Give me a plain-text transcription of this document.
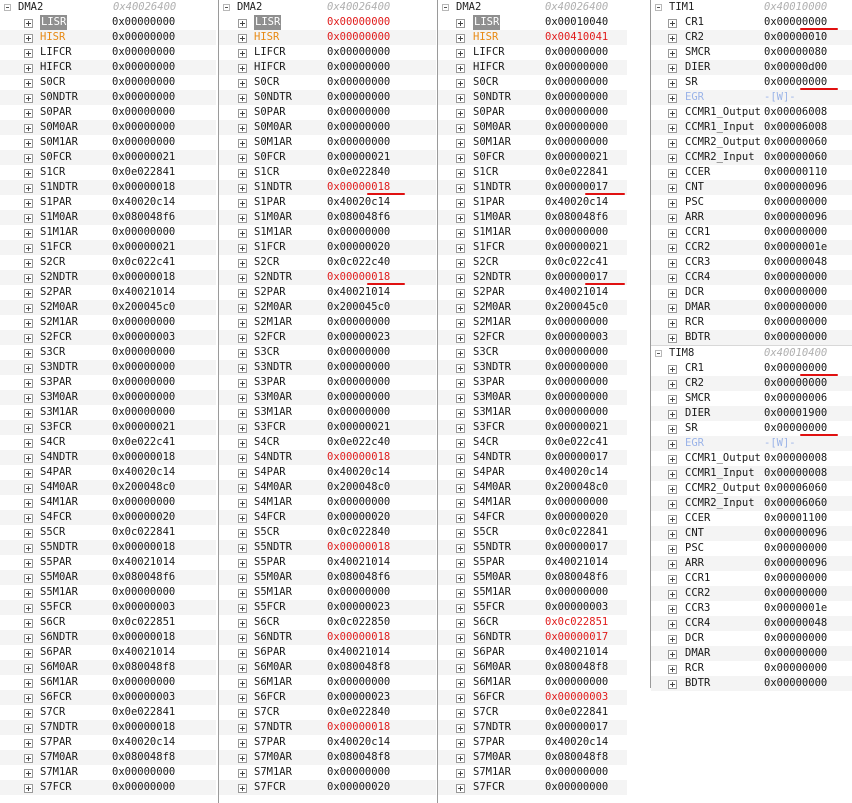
DMA2	0x40026400
LISR	0x00000000
HISR	0x00000000
LIFCR	0x00000000
HIFCR	0x00000000
S0CR	0x00000000
S0NDTR	0x00000000
S0PAR	0x00000000
S0M0AR	0x00000000
S0M1AR	0x00000000
S0FCR	0x00000021
S1CR	0x0e022841
S1NDTR	0x00000018
S1PAR	0x40020c14
S1M0AR	0x080048f6
S1M1AR	0x00000000
S1FCR	0x00000021
S2CR	0x0c022c41
S2NDTR	0x00000018
S2PAR	0x40021014
S2M0AR	0x200045c0
S2M1AR	0x00000000
S2FCR	0x00000003
S3CR	0x00000000
S3NDTR	0x00000000
S3PAR	0x00000000
S3M0AR	0x00000000
S3M1AR	0x00000000
S3FCR	0x00000021
S4CR	0x0e022c41
S4NDTR	0x00000018
S4PAR	0x40020c14
S4M0AR	0x200048c0
S4M1AR	0x00000000
S4FCR	0x00000020
S5CR	0x0c022841
S5NDTR	0x00000018
S5PAR	0x40021014
S5M0AR	0x080048f6
S5M1AR	0x00000000
S5FCR	0x00000003
S6CR	0x0c022851
S6NDTR	0x00000018
S6PAR	0x40021014
S6M0AR	0x080048f8
S6M1AR	0x00000000
S6FCR	0x00000003
S7CR	0x0e022841
S7NDTR	0x00000018
S7PAR	0x40020c14
S7M0AR	0x080048f8
S7M1AR	0x00000000
S7FCR	0x00000000
DMA2	0x40026400
LISR	0x00000000
HISR	0x00000000
LIFCR	0x00000000
HIFCR	0x00000000
S0CR	0x00000000
S0NDTR	0x00000000
S0PAR	0x00000000
S0M0AR	0x00000000
S0M1AR	0x00000000
S0FCR	0x00000021
S1CR	0x0e022840
S1NDTR	0x00000018
S1PAR	0x40020c14
S1M0AR	0x080048f6
S1M1AR	0x00000000
S1FCR	0x00000020
S2CR	0x0c022c40
S2NDTR	0x00000018
S2PAR	0x40021014
S2M0AR	0x200045c0
S2M1AR	0x00000000
S2FCR	0x00000023
S3CR	0x00000000
S3NDTR	0x00000000
S3PAR	0x00000000
S3M0AR	0x00000000
S3M1AR	0x00000000
S3FCR	0x00000021
S4CR	0x0e022c40
S4NDTR	0x00000018
S4PAR	0x40020c14
S4M0AR	0x200048c0
S4M1AR	0x00000000
S4FCR	0x00000020
S5CR	0x0c022840
S5NDTR	0x00000018
S5PAR	0x40021014
S5M0AR	0x080048f6
S5M1AR	0x00000000
S5FCR	0x00000023
S6CR	0x0c022850
S6NDTR	0x00000018
S6PAR	0x40021014
S6M0AR	0x080048f8
S6M1AR	0x00000000
S6FCR	0x00000023
S7CR	0x0e022840
S7NDTR	0x00000018
S7PAR	0x40020c14
S7M0AR	0x080048f8
S7M1AR	0x00000000
S7FCR	0x00000020
DMA2	0x40026400
LISR	0x00010040
HISR	0x00410041
LIFCR	0x00000000
HIFCR	0x00000000
S0CR	0x00000000
S0NDTR	0x00000000
S0PAR	0x00000000
S0M0AR	0x00000000
S0M1AR	0x00000000
S0FCR	0x00000021
S1CR	0x0e022841
S1NDTR	0x00000017
S1PAR	0x40020c14
S1M0AR	0x080048f6
S1M1AR	0x00000000
S1FCR	0x00000021
S2CR	0x0c022c41
S2NDTR	0x00000017
S2PAR	0x40021014
S2M0AR	0x200045c0
S2M1AR	0x00000000
S2FCR	0x00000003
S3CR	0x00000000
S3NDTR	0x00000000
S3PAR	0x00000000
S3M0AR	0x00000000
S3M1AR	0x00000000
S3FCR	0x00000021
S4CR	0x0e022c41
S4NDTR	0x00000017
S4PAR	0x40020c14
S4M0AR	0x200048c0
S4M1AR	0x00000000
S4FCR	0x00000020
S5CR	0x0c022841
S5NDTR	0x00000017
S5PAR	0x40021014
S5M0AR	0x080048f6
S5M1AR	0x00000000
S5FCR	0x00000003
S6CR	0x0c022851
S6NDTR	0x00000017
S6PAR	0x40021014
S6M0AR	0x080048f8
S6M1AR	0x00000000
S6FCR	0x00000003
S7CR	0x0e022841
S7NDTR	0x00000017
S7PAR	0x40020c14
S7M0AR	0x080048f8
S7M1AR	0x00000000
S7FCR	0x00000000
TIM1	0x40010000
CR1	0x00000000
CR2	0x00000010
SMCR	0x00000080
DIER	0x00000d00
SR	0x00000000
EGR	-[W]-
CCMR1_Output 0x00006008
CCMR1_Input 0x00006008
CCMR2_Output 0x00000060
CCMR2_Input 0x00000060
CCER	0x00000110
CNT	0x00000096
PSC	0x00000000
ARR	0x00000096
CCR1	0x00000000
CCR2	0x0000001e
CCR3	0x00000048
CCR4	0x00000000
DCR	0x00000000
DMAR	0x00000000
RCR	0x00000000
BDTR	0x00000000
TIM8	0x40010400
CR1	0x00000000
CR2	0x00000000
SMCR	0x00000006
DIER	0x00001900
SR	0x00000000
EGR	-[W]-
CCMR1_Output 0x00000008
CCMR1_Input 0x00000008
CCMR2_Output 0x00006060
CCMR2_Input 0x00006060
CCER	0x00001100
CNT	0x00000096
PSC	0x00000000
ARR	0x00000096
CCR1	0x00000000
CCR2	0x00000000
CCR3	0x0000001e
CCR4	0x00000048
DCR	0x00000000
DMAR	0x00000000
RCR	0x00000000
BDTR	0x00000000
